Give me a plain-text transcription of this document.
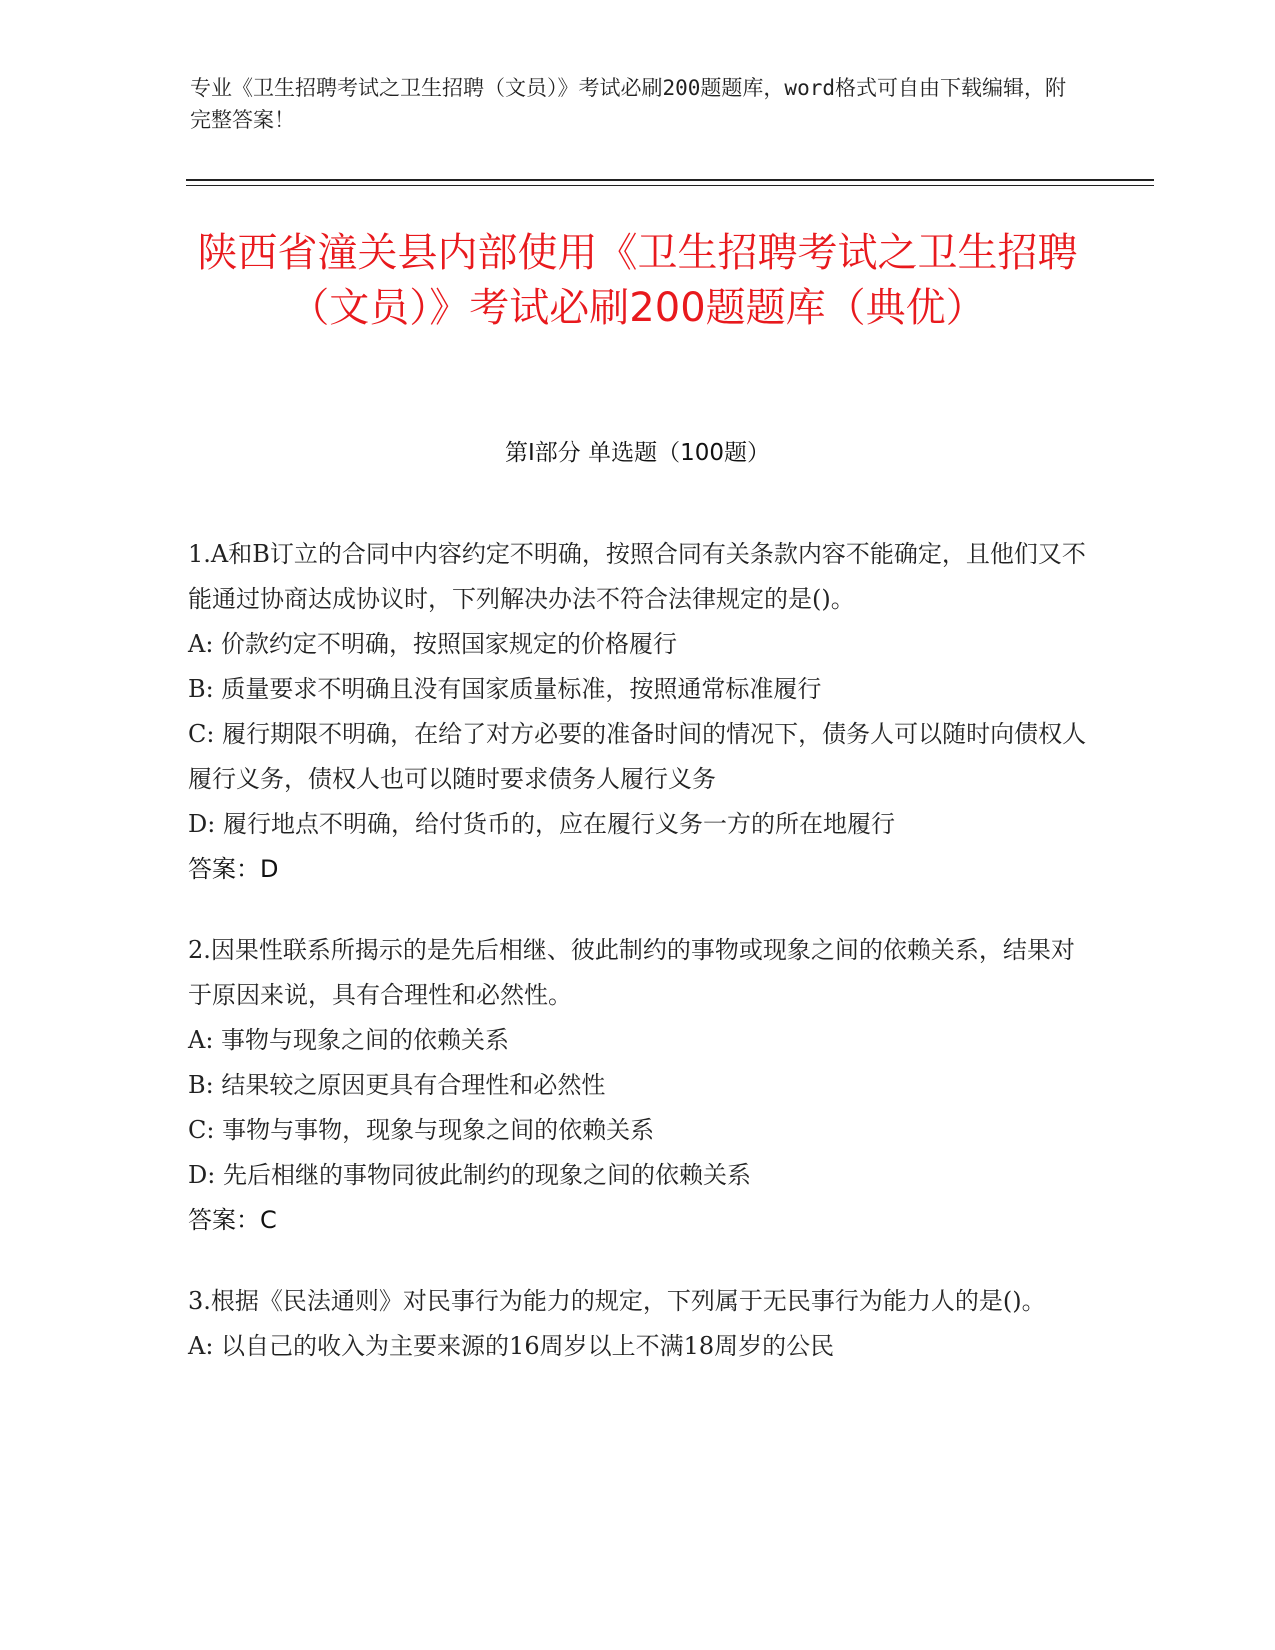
专业《卫生招聘考试之卫生招聘（文员）》考试必刷200题题库，word格式可自由下载编辑，附完整答案！
陕西省潼关县内部使用《卫生招聘考试之卫生招聘（文员）》考试必刷200题题库（典优）
第I部分 单选题（100题）
1.A和B订立的合同中内容约定不明确，按照合同有关条款内容不能确定，且他们又不能通过协商达成协议时，下列解决办法不符合法律规定的是()。
A: 价款约定不明确，按照国家规定的价格履行
B: 质量要求不明确且没有国家质量标准，按照通常标准履行
C: 履行期限不明确，在给了对方必要的准备时间的情况下，债务人可以随时向债权人履行义务，债权人也可以随时要求债务人履行义务
D: 履行地点不明确，给付货币的，应在履行义务一方的所在地履行
答案：D
2.因果性联系所揭示的是先后相继、彼此制约的事物或现象之间的依赖关系，结果对于原因来说，具有合理性和必然性。
A: 事物与现象之间的依赖关系
B: 结果较之原因更具有合理性和必然性
C: 事物与事物，现象与现象之间的依赖关系
D: 先后相继的事物同彼此制约的现象之间的依赖关系
答案：C
3.根据《民法通则》对民事行为能力的规定，下列属于无民事行为能力人的是()。
A: 以自己的收入为主要来源的16周岁以上不满18周岁的公民
